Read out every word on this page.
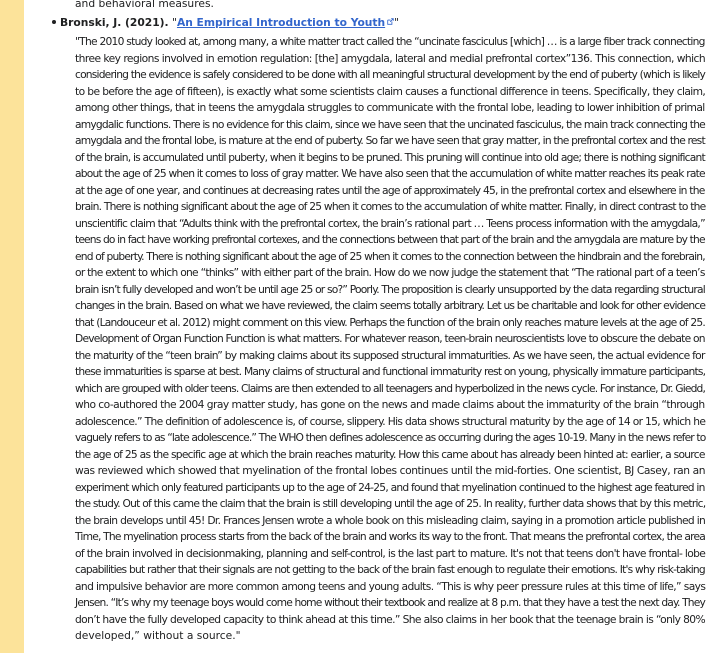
and behavioral measures.
Bronski, J. (2021). "An Empirical Introduction to Youth "
"The 2010 study looked at, among many, a white matter tract called the “uncinate fasciculus [which] … is a large fiber track connecting
three key regions involved in emotion regulation: [the] amygdala, lateral and medial prefrontal cortex”136. This connection, which
considering the evidence is safely considered to be done with all meaningful structural development by the end of puberty (which is likely
to be before the age of fifteen), is exactly what some scientists claim causes a functional difference in teens. Specifically, they claim,
among other things, that in teens the amygdala struggles to communicate with the frontal lobe, leading to lower inhibition of primal
amygdalic functions. There is no evidence for this claim, since we have seen that the uncinated fasciculus, the main track connecting the
amygdala and the frontal lobe, is mature at the end of puberty. So far we have seen that gray matter, in the prefrontal cortex and the rest
of the brain, is accumulated until puberty, when it begins to be pruned. This pruning will continue into old age; there is nothing significant
about the age of 25 when it comes to loss of gray matter. We have also seen that the accumulation of white matter reaches its peak rate
at the age of one year, and continues at decreasing rates until the age of approximately 45, in the prefrontal cortex and elsewhere in the
brain. There is nothing significant about the age of 25 when it comes to the accumulation of white matter. Finally, in direct contrast to the
unscientific claim that “Adults think with the prefrontal cortex, the brain’s rational part … Teens process information with the amygdala,”
teens do in fact have working prefrontal cortexes, and the connections between that part of the brain and the amygdala are mature by the
end of puberty. There is nothing significant about the age of 25 when it comes to the connection between the hindbrain and the forebrain,
or the extent to which one “thinks” with either part of the brain. How do we now judge the statement that “The rational part of a teen’s
brain isn’t fully developed and won’t be until age 25 or so?” Poorly. The proposition is clearly unsupported by the data regarding structural
changes in the brain. Based on what we have reviewed, the claim seems totally arbitrary. Let us be charitable and look for other evidence
that (Landouceur et al. 2012) might comment on this view. Perhaps the function of the brain only reaches mature levels at the age of 25.
Development of Organ Function Function is what matters. For whatever reason, teen-brain neuroscientists love to obscure the debate on
the maturity of the “teen brain” by making claims about its supposed structural immaturities. As we have seen, the actual evidence for
these immaturities is sparse at best. Many claims of structural and functional immaturity rest on young, physically immature participants,
which are grouped with older teens. Claims are then extended to all teenagers and hyperbolized in the news cycle. For instance, Dr. Giedd,
who co-authored the 2004 gray matter study, has gone on the news and made claims about the immaturity of the brain “through
adolescence.” The definition of adolescence is, of course, slippery. His data shows structural maturity by the age of 14 or 15, which he
vaguely refers to as “late adolescence.” The WHO then defines adolescence as occurring during the ages 10-19. Many in the news refer to
the age of 25 as the specific age at which the brain reaches maturity. How this came about has already been hinted at: earlier, a source
was reviewed which showed that myelination of the frontal lobes continues until the mid-forties. One scientist, BJ Casey, ran an
experiment which only featured participants up to the age of 24-25, and found that myelination continued to the highest age featured in
the study. Out of this came the claim that the brain is still developing until the age of 25. In reality, further data shows that by this metric,
the brain develops until 45! Dr. Frances Jensen wrote a whole book on this misleading claim, saying in a promotion article published in
Time, The myelination process starts from the back of the brain and works its way to the front. That means the prefrontal cortex, the area
of the brain involved in decisionmaking, planning and self-control, is the last part to mature. It's not that teens don't have frontal- lobe
capabilities but rather that their signals are not getting to the back of the brain fast enough to regulate their emotions. It's why risk-taking
and impulsive behavior are more common among teens and young adults. “This is why peer pressure rules at this time of life,” says
Jensen. “It’s why my teenage boys would come home without their textbook and realize at 8 p.m. that they have a test the next day. They
don’t have the fully developed capacity to think ahead at this time.” She also claims in her book that the teenage brain is “only 80%
developed,” without a source."
